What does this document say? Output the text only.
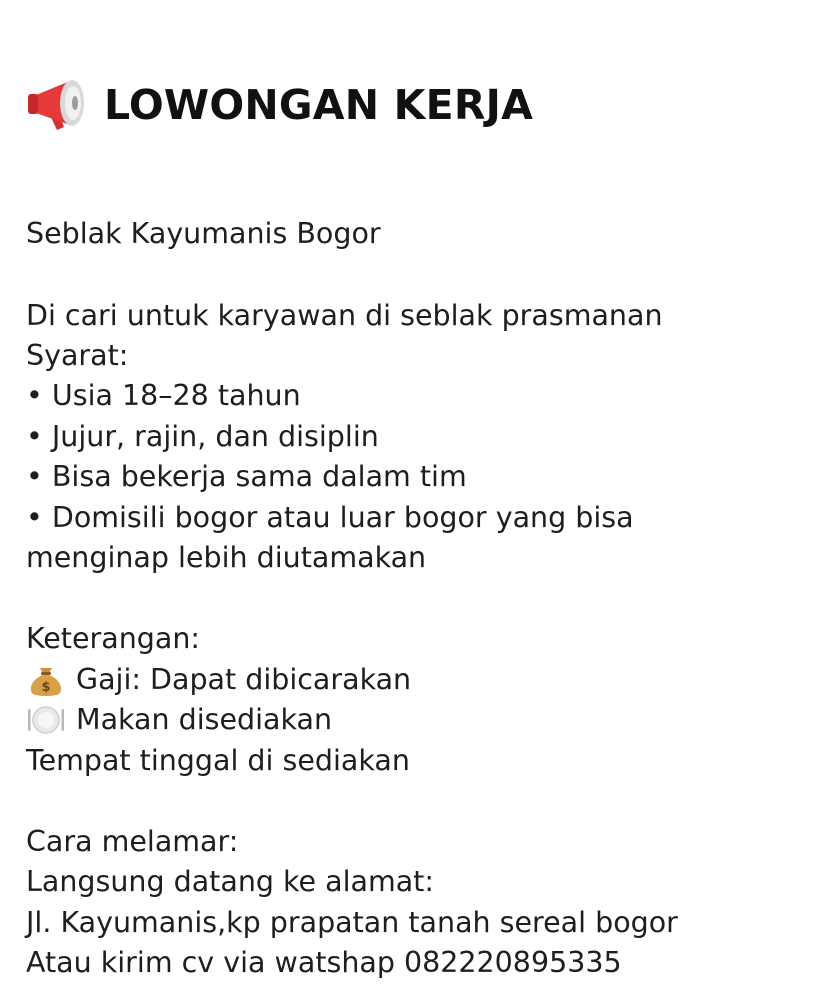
LOWONGAN KERJA
Seblak Kayumanis Bogor
Di cari untuk karyawan di seblak prasmanan
Syarat:
• Usia 18–28 tahun
• Jujur, rajin, dan disiplin
• Bisa bekerja sama dalam tim
• Domisili bogor atau luar bogor yang bisa
menginap lebih diutamakan
Keterangan:
$ Gaji: Dapat dibicarakan
Makan disediakan
Tempat tinggal di sediakan
Cara melamar:
Langsung datang ke alamat:
Jl. Kayumanis,kp prapatan tanah sereal bogor
Atau kirim cv via watshap 082220895335
